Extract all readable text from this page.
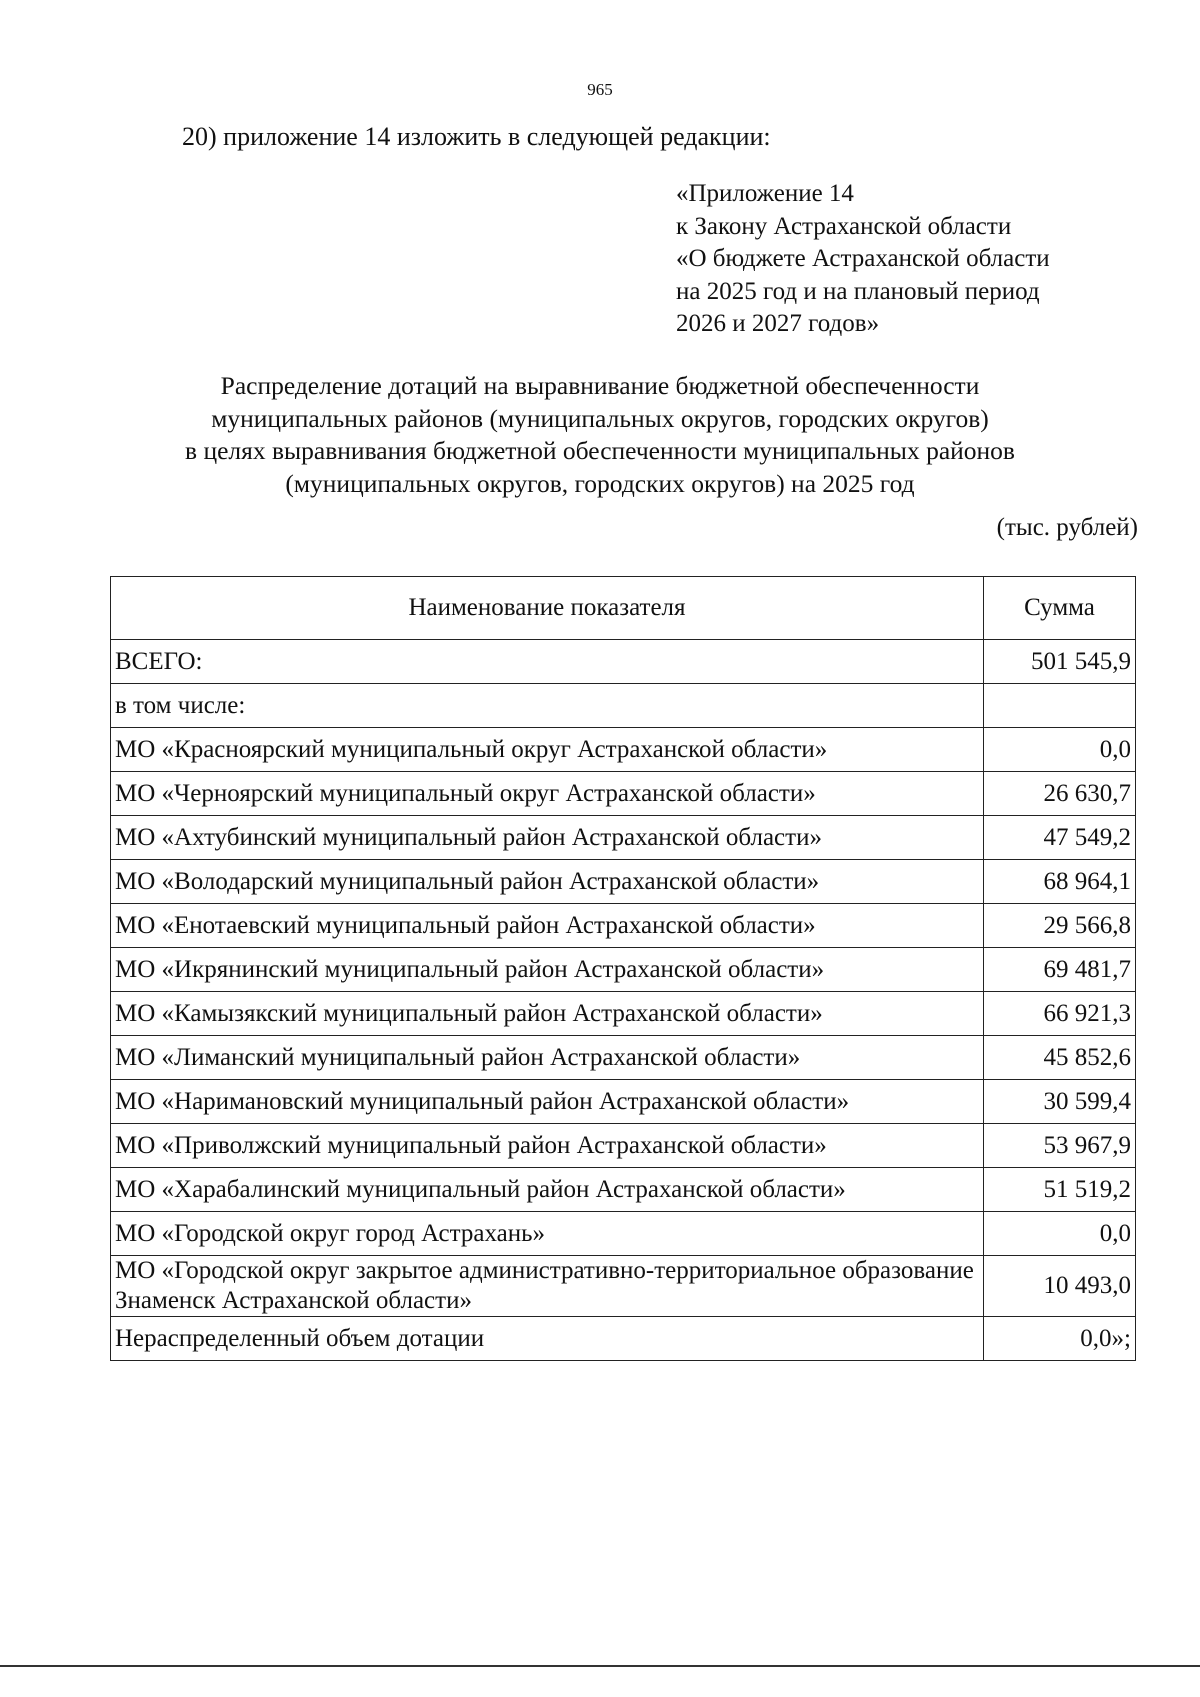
965

20) приложение 14 изложить в следующей редакции:

«Приложение 14
к Закону Астраханской области
«О бюджете Астраханской области
на 2025 год и на плановый период
2026 и 2027 годов»
Распределение дотаций на выравнивание бюджетной обеспеченности
муниципальных районов (муниципальных округов, городских округов)
в целях выравнивания бюджетной обеспеченности муниципальных районов
(муниципальных округов, городских округов) на 2025 год
(тыс. рублей)
Наименование показателя	Сумма
ВСЕГО:	501 545,9
в том числе:	
МО «Красноярский муниципальный округ Астраханской области»	0,0
МО «Черноярский муниципальный округ Астраханской области»	26 630,7
МО «Ахтубинский муниципальный район Астраханской области»	47 549,2
МО «Володарский муниципальный район Астраханской области»	68 964,1
МО «Енотаевский муниципальный район Астраханской области»	29 566,8
МО «Икрянинский муниципальный район Астраханской области»	69 481,7
МО «Камызякский муниципальный район Астраханской области»	66 921,3
МО «Лиманский муниципальный район Астраханской области»	45 852,6
МО «Наримановский муниципальный район Астраханской области»	30 599,4
МО «Приволжский муниципальный район Астраханской области»	53 967,9
МО «Харабалинский муниципальный район Астраханской области»	51 519,2
МО «Городской округ город Астрахань»	0,0
МО «Городской округ закрытое административно-территориальное образование Знаменск Астраханской области»	10 493,0
Нераспределенный объем дотации	0,0»;
